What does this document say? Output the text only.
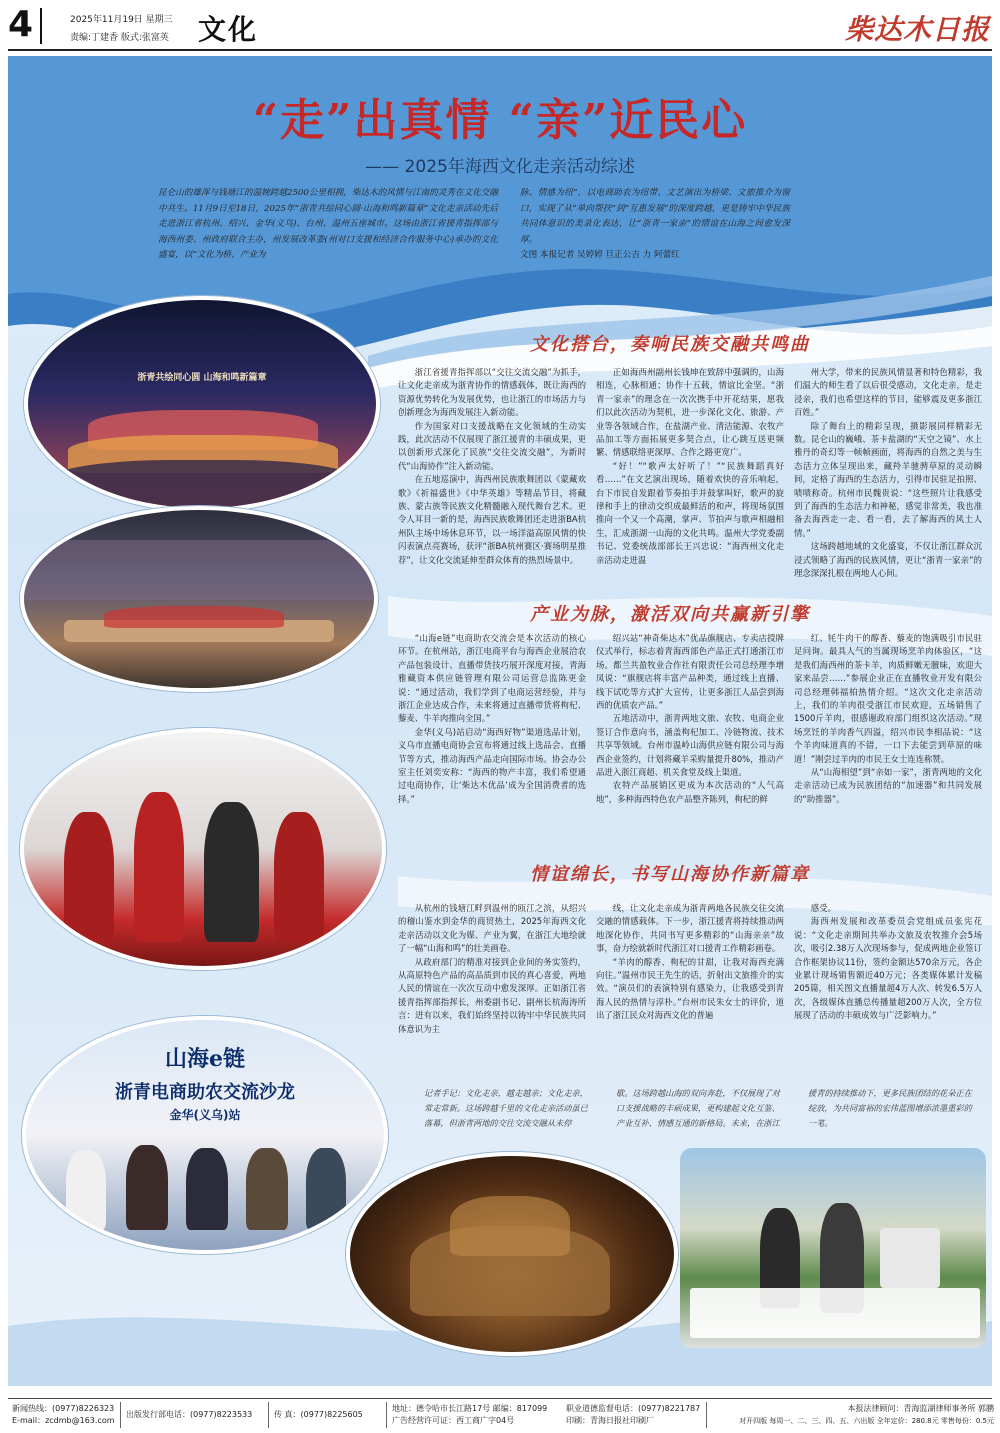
4	2025年11月19日 星期三
责编:丁建香 版式:张富英 文化	柴达木日报
“走”出真情 “亲”近民心
—— 2025年海西文化走亲活动综述
昆仑山的雄浑与钱塘江的温婉跨越2500公里相拥，柴达木的风情与江南的灵秀在文化交融中共生。11月9日至18日，2025年“浙青共绘同心圆·山海和鸣新篇章”文化走亲活动先后走进浙江省杭州、绍兴、金华(义乌)、台州、温州五座城市。这场由浙江省援青指挥部与海西州委、州政府联合主办，州发展改革委(州对口支援和经济合作服务中心)承办的文化盛宴，以“文化为桥、产业为
脉、情感为纽”，以电商助农为纽带、文艺演出为桥梁、文旅推介为窗口，实现了从“单向帮扶”到“互惠发展”的深度跨越，更是铸牢中华民族共同体意识的美录化表达，让“浙青一家亲”的情谊在山海之间愈发深厚。
文图 本报记者 吴婷婷 旦正公吉 力 阿蕾红
浙青共绘同心圆 山海和鸣新篇章
山海e链
浙青电商助农交流沙龙
金华(义乌)站
文化搭台，奏响民族交融共鸣曲

浙江省援青指挥部以“交往交流交融”为抓手，让文化走亲成为浙青协作的情感载体，既让海西的资源优势转化为发展优势，也让浙江的市场活力与创新理念为海西发展注入新动能。

作为国家对口支援战略在文化领域的生动实践，此次活动不仅展现了浙江援青的丰硕成果，更以创新形式深化了民族“交往交流交融”，为新时代“山海协作”注入新动能。

在五地巡演中，海西州民族歌舞团以《蒙藏欢歌》《祈福盛世》《中华英雄》等精品节目，将藏族、蒙古族等民族文化精髓融入现代舞台艺术。更令人耳目一新的是，海西民族歌舞团还走进浙BA杭州队主场中场休息环节，以一场洋溢高原风情的快闪表演点亮赛场，获评“浙BA杭州赛区·赛场明星推荐”，让文化交流延伸至群众体育的热烈场景中。

正如海西州副州长钱坤在致辞中强调的，山海相连，心脉相通；协作十五载，情谊比金坚。“浙青一家亲”的理念在一次次携手中开花结果，愿我们以此次活动为契机，进一步深化文化、旅游、产业等各领域合作，在盐湖产业、清洁能源、农牧产品加工等方面拓展更多契合点，让心跳互送更频繁、情感联络更深厚、合作之路更宽广。

“好！”“歌声太好听了！”“民族舞蹈真好看……”在文艺演出现场，随着欢快的音乐响起，台下市民自发跟着节奏拍手并鼓掌叫好，歌声的旋律和手上的律动交织成最鲜活的和声，将现场氛围推向一个又一个高潮，掌声、节拍声与歌声相融相生，汇成浙湖一山海的文化共鸣。温州大学党委副书记、党委统战部部长王兴忠说：“海西州文化走亲活动走进温

州大学，带来的民族风情显著和特色精彩，我们温大的师生看了以后很受感动，文化走亲，是走浸亲，我们也希望这样的节目，能够震及更多浙江百姓。”

除了舞台上的精彩呈现，摄影展同样精彩无数。昆仑山的巍峨、茶卡盐湖的“天空之镜”、水上雅丹的奇幻等一帧帧画面，将海西的自然之美与生态活力立体呈现出来，藏羚羊驰骋草原的灵动瞬间，定格了海西的生态活力，引得市民驻足拍照、啧啧称奇。杭州市民魏贵说：“这些照片让我感受到了海西的生态活力和神秘，感觉非常美，我也准备去海西走一走、看一看，去了解海西的风土人情。”

这场跨越地域的文化盛宴，不仅让浙江群众沉浸式领略了海西的民族风情，更让“浙青一家亲”的理念深深扎根在两地人心间。

产业为脉，激活双向共赢新引擎

“山海e链”电商助农交流会是本次活动的核心环节。在杭州站，浙江电商平台与海西企业展洽农产品包装设计、直播带货技巧展开深度对接，青海雅藏资本供应链管理有限公司运营总监陈更金说：“通过活动，我们学到了电商运营经验，并与浙江企业达成合作，未来将通过直播带货将枸杞、藜麦、牛羊肉推向全国。”

金华(义乌)站启动“海西好物”渠道选品计划，义乌市直播电商协会宣布将通过线上选品会、直播节等方式，推动海西产品走向国际市场。协会办公室主任刘奕安称：“海西的物产丰富，我们希望通过电商协作，让‘柴达木优品’成为全国消费者的选择。”

绍兴站“神奇柴达木”优品旗舰店、专卖店授牌仪式举行，标志着青海西部色产品正式打通浙江市场。都兰共盈牧业合作社有限责任公司总经理李增凤说：“旗舰店将丰富产品种类，通过线上直播、线下试吃等方式扩大宣传，让更多浙江人品尝到海西的优质农产品。”

五地活动中，浙青两地文旅、农牧、电商企业签订合作意向书，涵盖枸杞加工、冷链物流、技术共享等领域。台州市温岭山海供应链有限公司与海西企业签约，计划将藏羊采购量提升80%，推动产品进入浙江商超、机关食堂及线上渠道。

农特产品展销区更成为本次活动的“人气高地”，多种海西特色农产品整齐陈列，枸杞的鲜

红、牦牛肉干的醇香、藜麦的饱满吸引市民驻足问询。最具人气的当属现场烹羊肉体验区，“这是我们海西州的茶卡羊，肉质鲜嫩无膻味，欢迎大家来品尝……”参展企业正在直播牧业开发有限公司总经理韩福柏热情介绍。“这次文化走亲活动上，我们的羊肉很受浙江市民欢迎，五场销售了1500斤羊肉，很感谢政府部门组织这次活动。”现场烹饪的羊肉香气四溢，绍兴市民李相品说：“这个羊肉味道真的不错，一口下去能尝到草原的味道！”刚尝过羊肉的市民王女士连连称赞。

从“山海相望”到“亲如一家”，浙青两地的文化走亲活动已成为民族团结的“加速器”和共同发展的“助推器”。

情谊绵长，书写山海协作新篇章

从杭州的钱塘江畔到温州的瓯江之滨，从绍兴的稽山鉴水到金华的商贸热土，2025年海西文化走亲活动以文化为媒、产业为翼，在浙江大地绘就了一幅“山海和鸣”的壮美画卷。

从政府部门的精准对接到企业间的务实签约，从高原特色产品的高品质到市民的真心喜爱，两地人民的情谊在一次次互动中愈发深厚。正如浙江省援青指挥部指挥长，州委副书记、副州长杭海涛所言：进有以来，我们始终坚持以铸牢中华民族共同体意识为主

线，让文化走亲成为浙青两地各民族交往交流交融的情感载体。下一步，浙江援青将持续推动两地深化协作，共同书写更多精彩的“山海亲亲”故事，奋力绘就新时代浙江对口援青工作精彩画卷。

“羊肉的醇香、枸杞的甘甜，让我对海西充满向往。”温州市民王先生的话，折射出文旅推介的实效。“演员们的表演特别有感染力，让我感受到青海人民的热情与淳朴。”台州市民朱女士的评价，道出了浙江民众对海西文化的普遍

感受。

海西州发展和改革委员会党组成员张宪花说：“文化走亲期间共举办文旅及农牧推介会5场次，吸引2.38万人次现场参与，促成两地企业签订合作框架协议11份，签约金额达570余万元，各企业累计现场销售额近40万元；各类媒体累计发稿205篇，相关图文直播量超4万人次、转发6.5万人次，各级媒体直播总传播量超200万人次，全方位展现了活动的丰硕成效与广泛影响力。”

记者手记：文化走亲，越走越亲；文化走亲，常走常新。这场跨越千里的文化走亲活动虽已落幕，但浙青两地的交往交流交融从未停
歇。这场跨越山海的双向奔赴，不仅展现了对口支援战略的丰硕成果，更构建起文化互鉴、产业互补、情感互通的新格局。未来，在浙江
援青的持续推动下，更多民族团结的花朵正在绽放，为共同富裕的宏伟蓝图增添浓墨重彩的一笔。
新闻热线：(0977)8226323
E-mail：zcdmb@163.com
出版发行部电话：(0977)8223533	传 真：(0977)8225605
地址：德令哈市长江路17号 邮编：817099
广告经营许可证：西工商广字04号
职业道德监督电话：(0977)8221787
印刷：青海日报社印刷厂
本报法律顾问：青海监湖律师事务所 郭鹏
对开四版 每周一、二、三、四、五、六出版 全年定价：280.8元 零售每份：0.5元
